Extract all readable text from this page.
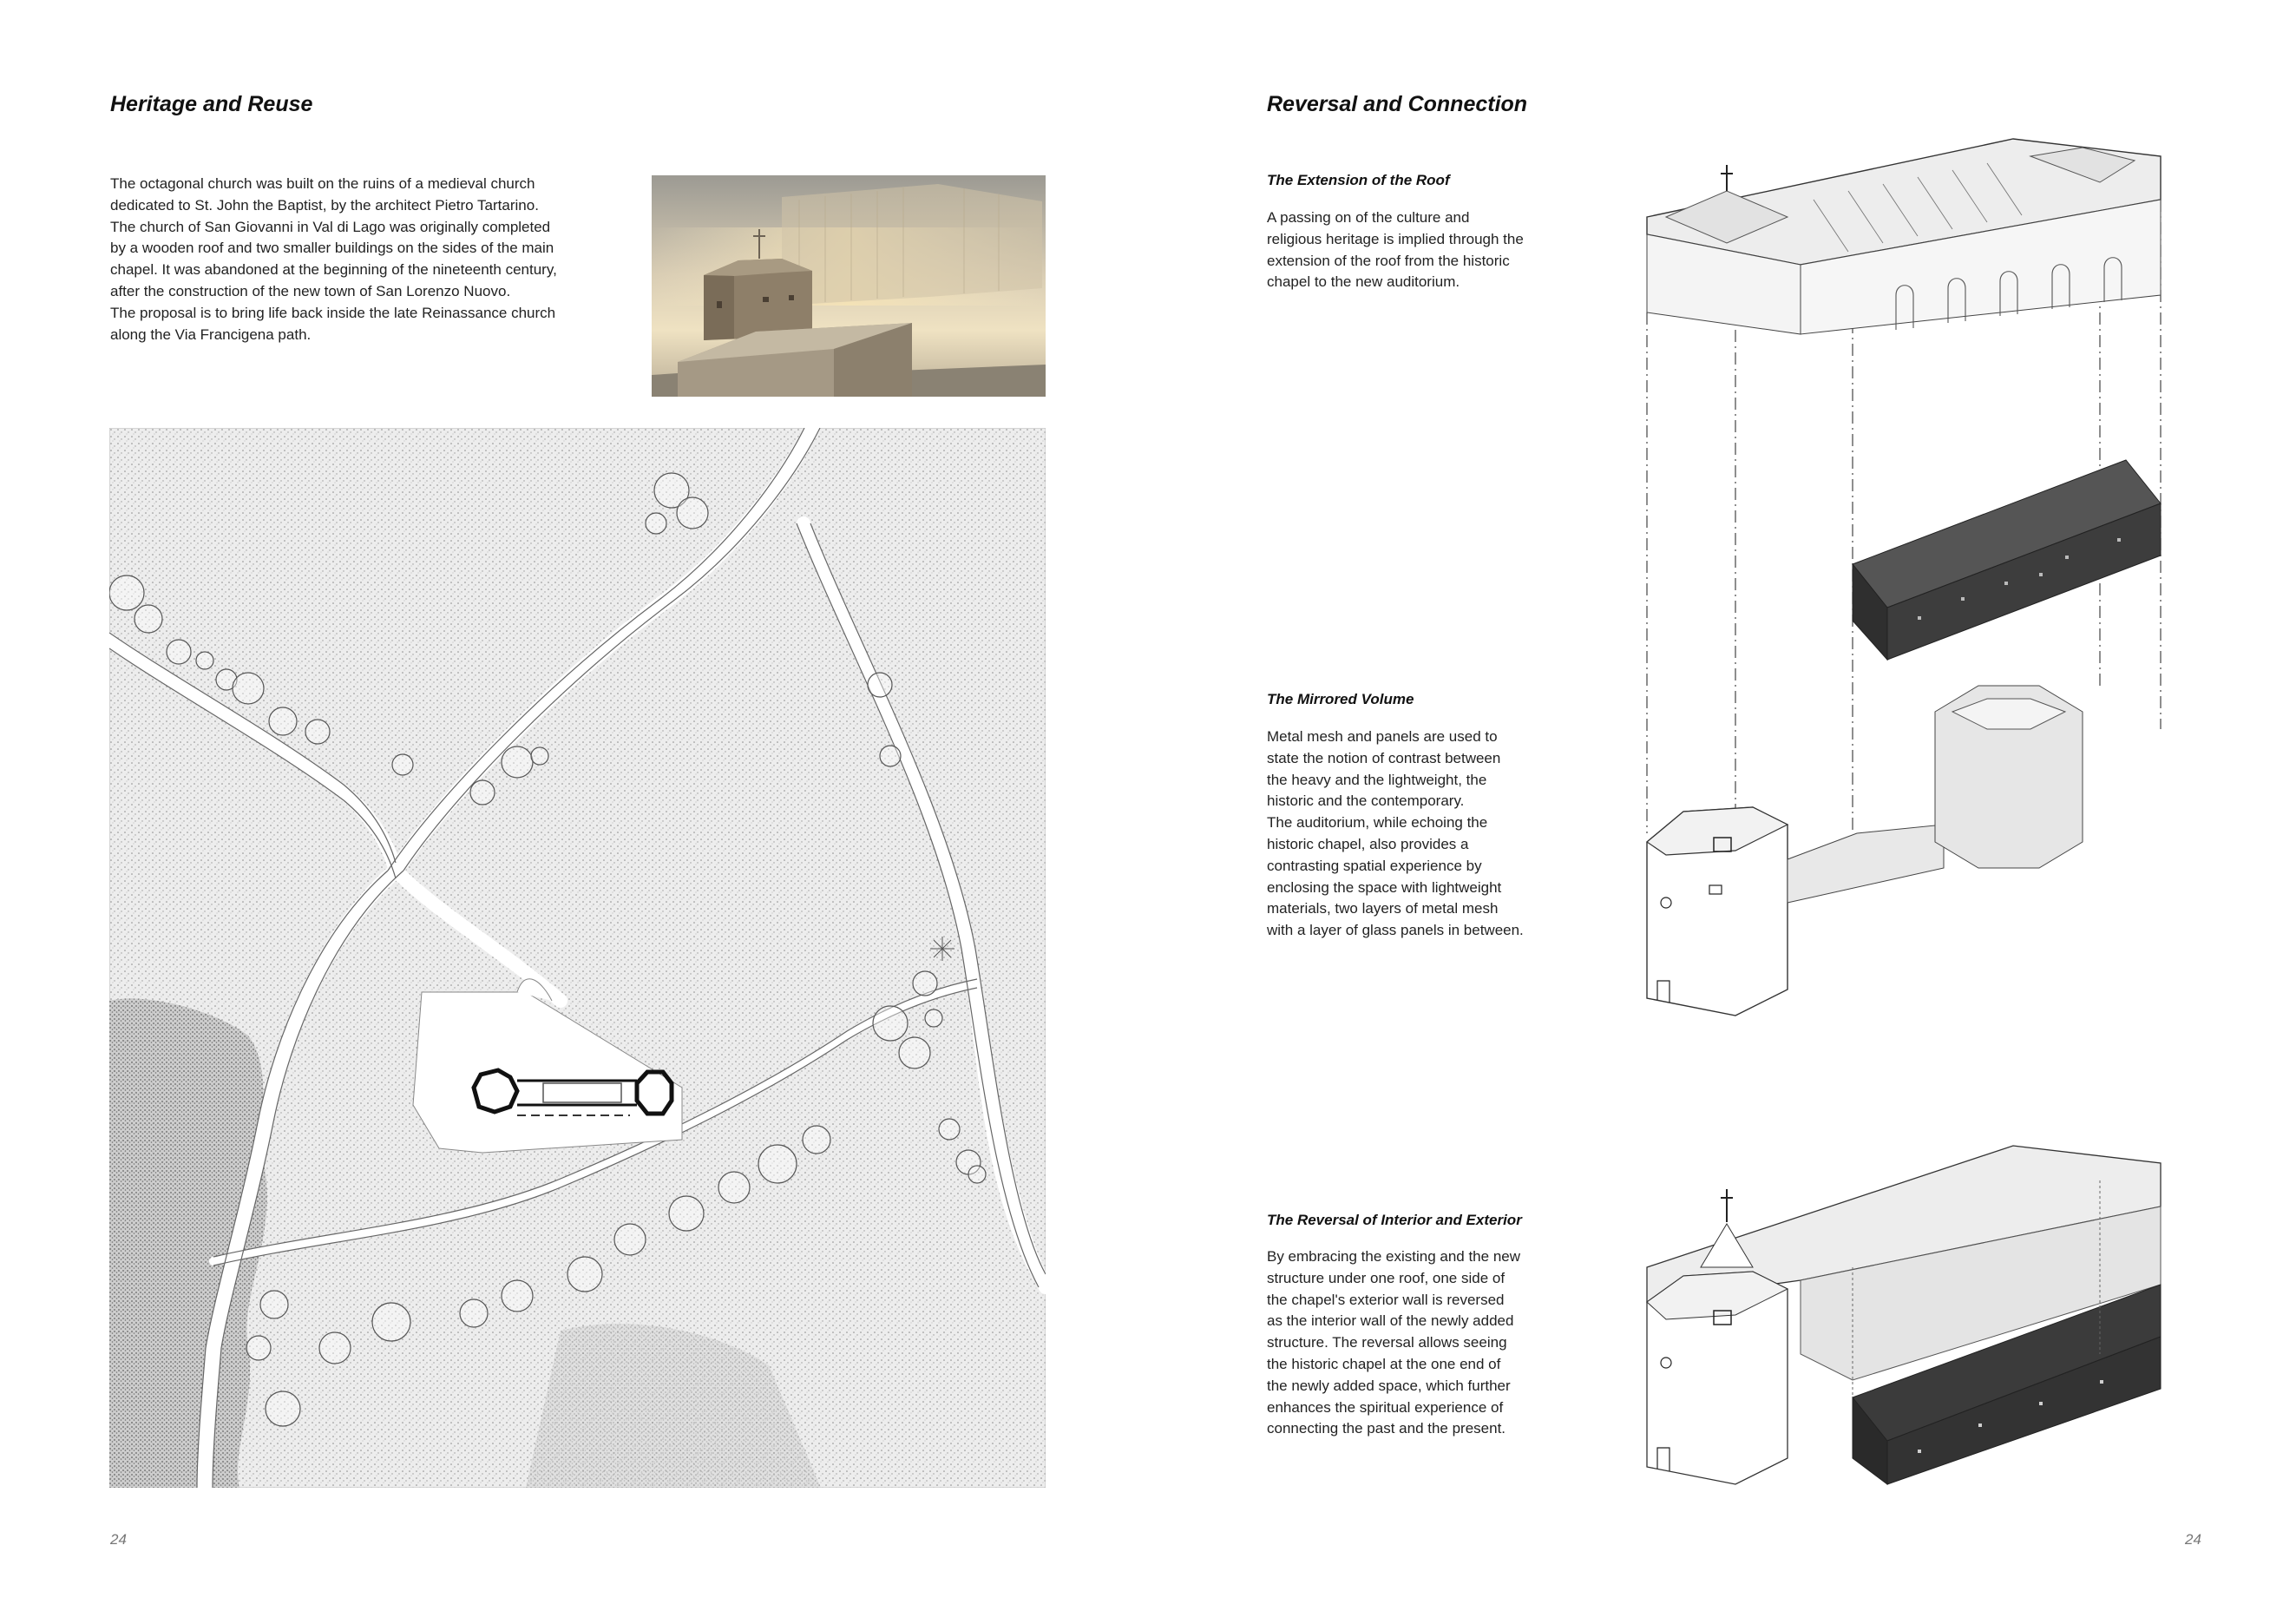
Heritage and Reuse
The octagonal church was built on the ruins of a medieval church
dedicated to St. John the Baptist, by the architect Pietro Tartarino.
The church of San Giovanni in Val di Lago was originally completed
by a wooden roof and two smaller buildings on the sides of the main
chapel. It was abandoned at the beginning of the nineteenth century,
after the construction of the new town of San Lorenzo Nuovo.
The proposal is to bring life back inside the late Reinassance church
along the Via Francigena path.
24
Reversal and Connection
The Extension of the Roof
A passing on of the culture and
religious heritage is implied through the
extension of the roof from the historic
chapel to the new auditorium.
The Mirrored Volume
Metal mesh and panels are used to
state the notion of contrast between
the heavy and the lightweight, the
historic and the contemporary.
The auditorium, while echoing the
historic chapel, also provides a
contrasting spatial experience by
enclosing the space with lightweight
materials, two layers of metal mesh
with a layer of glass panels in between.
The Reversal of Interior and Exterior
By embracing the existing and the new
structure under one roof, one side of
the chapel's exterior wall is reversed
as the interior wall of the newly added
structure. The reversal allows seeing
the historic chapel at the one end of
the newly added space, which further
enhances the spiritual experience of
connecting the past and the present.
24
